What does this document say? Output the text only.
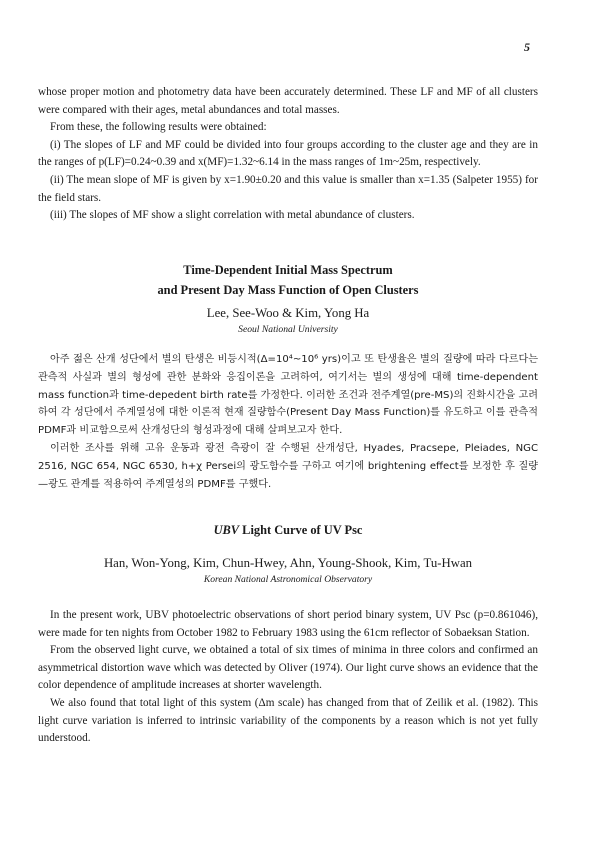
5

whose proper motion and photometry data have been accurately determined. These LF and MF of all clusters were compared with their ages, metal abundances and total masses.

From these, the following results were obtained:

(i) The slopes of LF and MF could be divided into four groups according to the cluster age and they are in the ranges of p(LF)=0.24~0.39 and x(MF)=1.32~6.14 in the mass ranges of 1m~25m, respectively.

(ii) The mean slope of MF is given by x=1.90±0.20 and this value is smaller than x=1.35 (Salpeter 1955) for the field stars.

(iii) The slopes of MF show a slight correlation with metal abundance of clusters.

Time-Dependent Initial Mass Spectrum

and Present Day Mass Function of Open Clusters

Lee, See-Woo & Kim, Yong Ha

Seoul National University

아주 젊은 산개 성단에서 별의 탄생은 비등시적(Δ=10⁴~10⁶ yrs)이고 또 탄생율은 별의 질량에 따라 다르다는 관측적 사실과 별의 형성에 관한 분화와 응집이론을 고려하여, 여기서는 별의 생성에 대해 time-dependent mass function과 time-depedent birth rate를 가정한다. 이러한 조건과 전주계열(pre-MS)의 진화시간을 고려하여 각 성단에서 주계열성에 대한 이론적 현재 질량함수(Present Day Mass Function)를 유도하고 이를 관측적 PDMF과 비교함으로써 산개성단의 형성과정에 대해 살펴보고자 한다.

이러한 조사를 위해 고유 운동과 광전 측광이 잘 수행된 산개성단, Hyades, Pracsepe, Pleiades, NGC 2516, NGC 654, NGC 6530, h+χ Persei의 광도함수를 구하고 여기에 brightening effect를 보정한 후 질량—광도 관계를 적용하여 주계열성의 PDMF를 구했다.

UBV Light Curve of UV Psc

Han, Won-Yong, Kim, Chun-Hwey, Ahn, Young-Shook, Kim, Tu-Hwan

Korean National Astronomical Observatory

In the present work, UBV photoelectric observations of short period binary system, UV Psc (p=0.861046), were made for ten nights from October 1982 to February 1983 using the 61cm reflector of Sobaeksan Station.

From the observed light curve, we obtained a total of six times of minima in three colors and confirmed an asymmetrical distortion wave which was detected by Oliver (1974). Our light curve shows an evidence that the color dependence of amplitude increases at shorter wavelength.

We also found that total light of this system (Δm scale) has changed from that of Zeilik et al. (1982). This light curve variation is inferred to intrinsic variability of the components by a reason which is not yet fully understood.
